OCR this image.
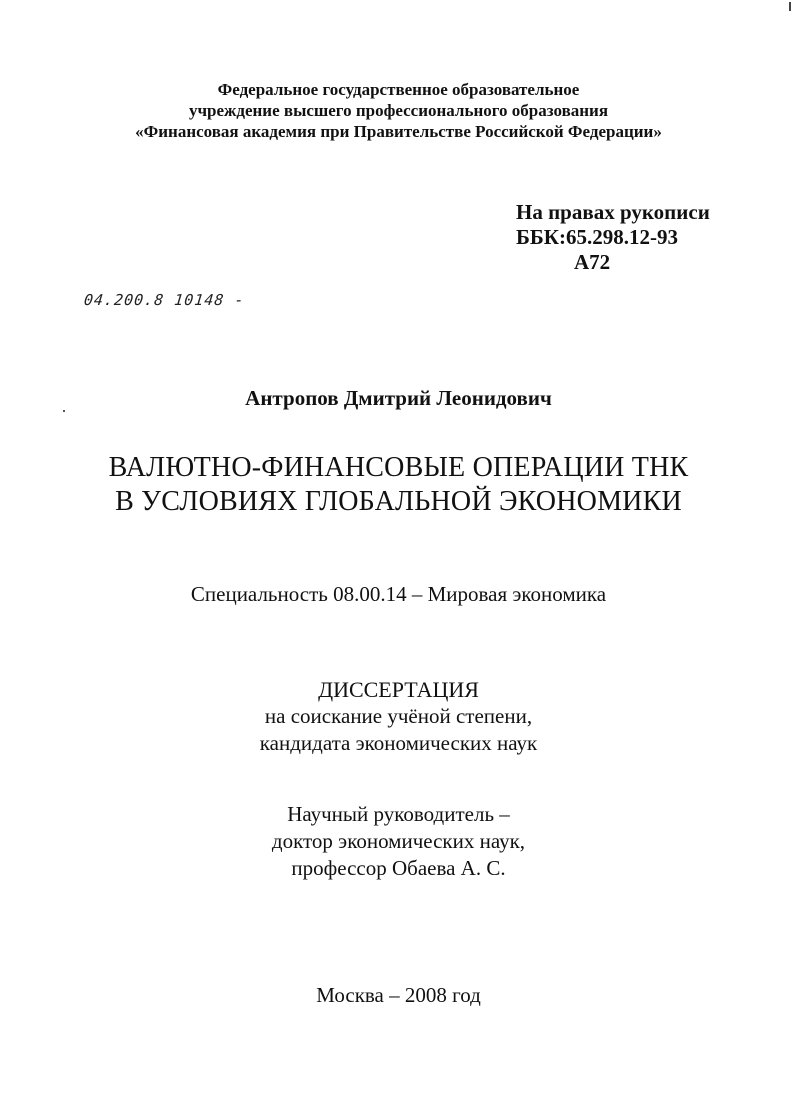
Федеральное государственное образовательное
учреждение высшего профессионального образования
«Финансовая академия при Правительстве Российской Федерации»
На правах рукописи
ББК:65.298.12-93
А72
04.200.8 10148 -
Антропов Дмитрий Леонидович
ВАЛЮТНО-ФИНАНСОВЫЕ ОПЕРАЦИИ ТНК
В УСЛОВИЯХ ГЛОБАЛЬНОЙ ЭКОНОМИКИ
Специальность 08.00.14 – Мировая экономика
ДИССЕРТАЦИЯ
на соискание учёной степени,
кандидата экономических наук
Научный руководитель –
доктор экономических наук,
профессор Обаева А. С.
Москва – 2008 год
